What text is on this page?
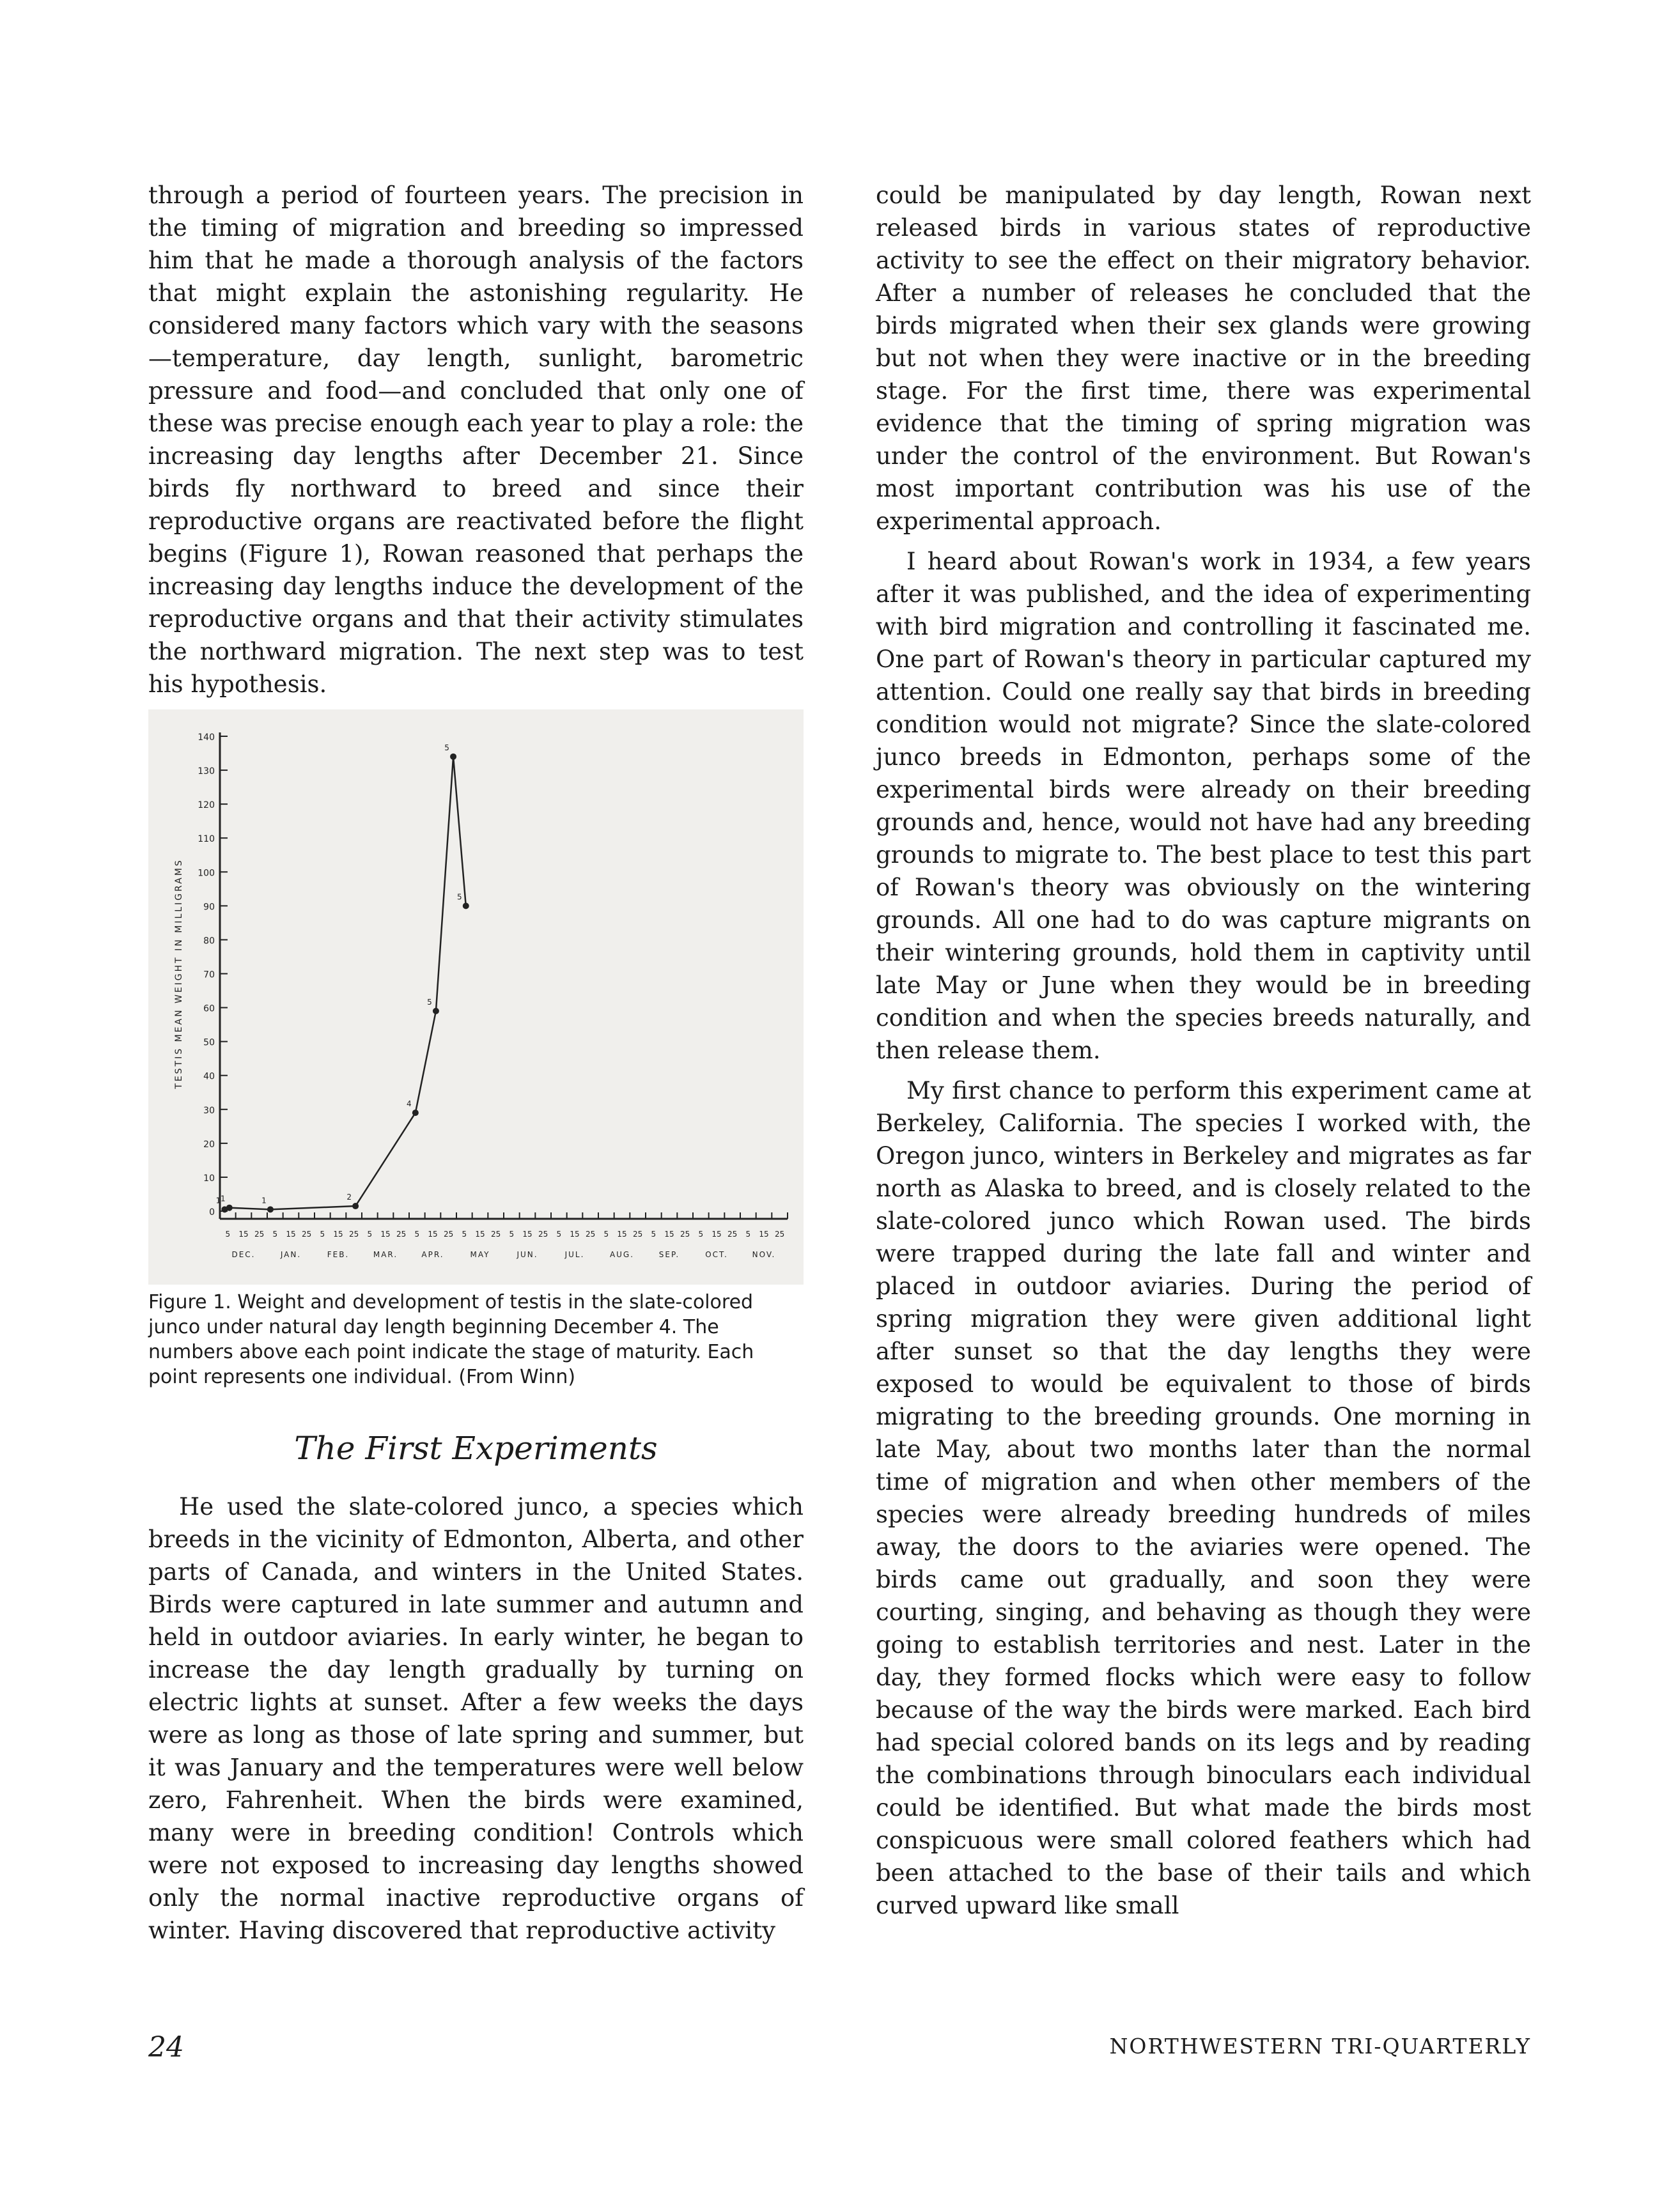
through a period of fourteen years. The precision in the timing of migration and breeding so impressed him that he made a thorough analysis of the factors that might explain the astonishing regularity. He considered many factors which vary with the seasons—temperature, day length, sunlight, barometric pressure and food—and concluded that only one of these was precise enough each year to play a role: the increasing day lengths after December 21. Since birds fly northward to breed and since their reproductive organs are reactivated before the flight begins (Figure 1), Rowan reasoned that perhaps the increasing day lengths induce the development of the reproductive organs and that their activity stimulates the northward migration. The next step was to test his hypothesis.

0
10
20
30
40
50
60
70
80
90
100
110
120
130
140
TESTIS MEAN WEIGHT IN MILLIGRAMS
5 15 25
DEC.
5 15 25
JAN.
5 15 25
FEB.
5 15 25
MAR.
5 15 25
APR.
5 15 25
MAY
5 15 25
JUN.
5 15 25
JUL.
5 15 25
AUG.
5 15 25
SEP.
5 15 25
OCT.
5 15 25
NOV.
1 1	1	2
4
5
5
5
Figure 1. Weight and development of testis in the slate-colored junco under natural day length beginning December 4. The numbers above each point indicate the stage of maturity. Each point represents one individual. (From Winn)
The First Experiments

He used the slate-colored junco, a species which breeds in the vicinity of Edmonton, Alberta, and other parts of Canada, and winters in the United States. Birds were captured in late summer and autumn and held in outdoor aviaries. In early winter, he began to increase the day length gradually by turning on electric lights at sunset. After a few weeks the days were as long as those of late spring and summer, but it was January and the temperatures were well below zero, Fahrenheit. When the birds were examined, many were in breeding condition! Controls which were not exposed to increasing day lengths showed only the normal inactive reproductive organs of winter. Having discovered that reproductive activity

could be manipulated by day length, Rowan next released birds in various states of reproductive activity to see the effect on their migratory behavior. After a number of releases he concluded that the birds migrated when their sex glands were growing but not when they were inactive or in the breeding stage. For the first time, there was experimental evidence that the timing of spring migration was under the control of the environment. But Rowan's most important contribution was his use of the experimental approach.

I heard about Rowan's work in 1934, a few years after it was published, and the idea of experimenting with bird migration and controlling it fascinated me. One part of Rowan's theory in particular captured my attention. Could one really say that birds in breeding condition would not migrate? Since the slate-colored junco breeds in Edmonton, perhaps some of the experimental birds were already on their breeding grounds and, hence, would not have had any breeding grounds to migrate to. The best place to test this part of Rowan's theory was obviously on the wintering grounds. All one had to do was capture migrants on their wintering grounds, hold them in captivity until late May or June when they would be in breeding condition and when the species breeds naturally, and then release them.

My first chance to perform this experiment came at Berkeley, California. The species I worked with, the Oregon junco, winters in Berkeley and migrates as far north as Alaska to breed, and is closely related to the slate-colored junco which Rowan used. The birds were trapped during the late fall and winter and placed in outdoor aviaries. During the period of spring migration they were given additional light after sunset so that the day lengths they were exposed to would be equivalent to those of birds migrating to the breeding grounds. One morning in late May, about two months later than the normal time of migration and when other members of the species were already breeding hundreds of miles away, the doors to the aviaries were opened. The birds came out gradually, and soon they were courting, singing, and behaving as though they were going to establish territories and nest. Later in the day, they formed flocks which were easy to follow because of the way the birds were marked. Each bird had special colored bands on its legs and by reading the combinations through binoculars each individual could be identified. But what made the birds most conspicuous were small colored feathers which had been attached to the base of their tails and which curved upward like small

24	NORTHWESTERN TRI-QUARTERLY
